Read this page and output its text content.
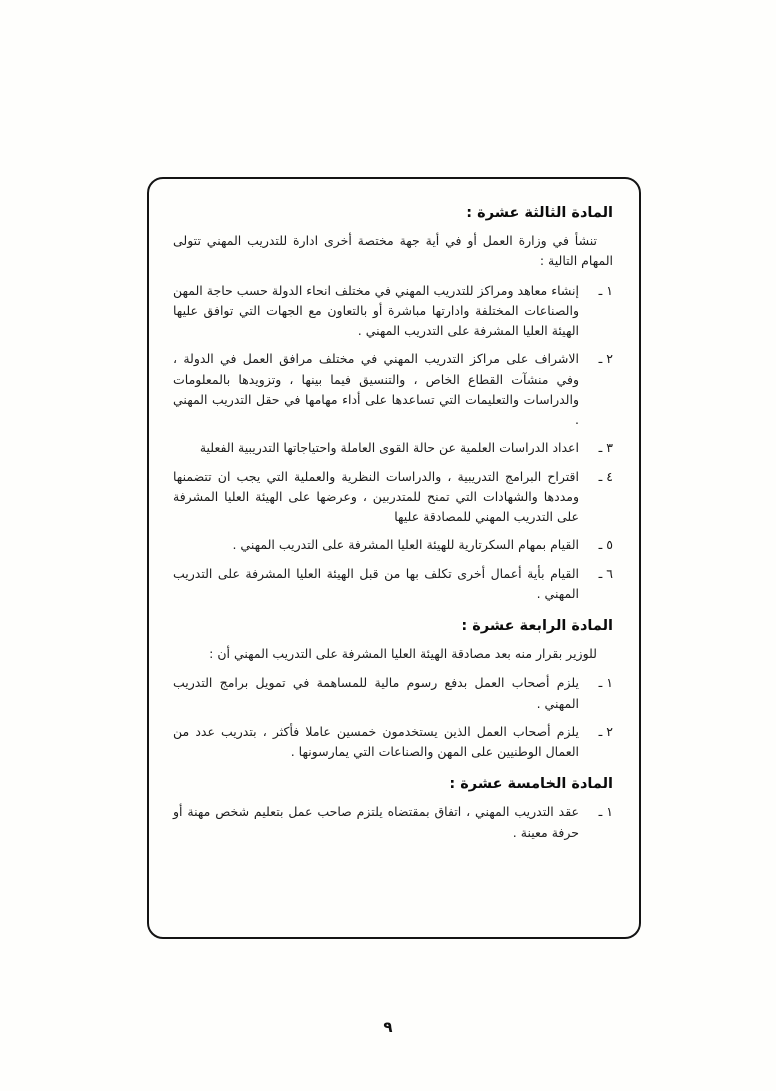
المادة الثالثة عشرة :

تنشأ في وزارة العمل أو في أية جهة مختصة أخرى ادارة للتدريب المهني تتولى المهام التالية :

١ ـ
إنشاء معاهد ومراكز للتدريب المهني في مختلف انحاء الدولة حسب حاجة المهن والصناعات المختلفة وادارتها مباشرة أو بالتعاون مع الجهات التي توافق عليها الهيئة العليا المشرفة على التدريب المهني .
٢ ـ
الاشراف على مراكز التدريب المهني في مختلف مرافق العمل في الدولة ، وفي منشآت القطاع الخاص ، والتنسيق فيما بينها ، وتزويدها بالمعلومات والدراسات والتعليمات التي تساعدها على أداء مهامها في حقل التدريب المهني .
٣ ـ
اعداد الدراسات العلمية عن حالة القوى العاملة واحتياجاتها التدريبية الفعلية
٤ ـ
اقتراح البرامج التدريبية ، والدراسات النظرية والعملية التي يجب ان تتضمنها ومددها والشهادات التي تمنح للمتدربين ، وعرضها على الهيئة العليا المشرفة على التدريب المهني للمصادقة عليها
٥ ـ
القيام بمهام السكرتارية للهيئة العليا المشرفة على التدريب المهني .
٦ ـ
القيام بأية أعمال أخرى تكلف بها من قبل الهيئة العليا المشرفة على التدريب المهني .
المادة الرابعة عشرة :

للوزير بقرار منه بعد مصادقة الهيئة العليا المشرفة على التدريب المهني أن :

١ ـ
يلزم أصحاب العمل بدفع رسوم مالية للمساهمة في تمويل برامج التدريب المهني .
٢ ـ
يلزم أصحاب العمل الذين يستخدمون خمسين عاملا فأكثر ، بتدريب عدد من العمال الوطنيين على المهن والصناعات التي يمارسونها .
المادة الخامسة عشرة :
١ ـ
عقد التدريب المهني ، اتفاق بمقتضاه يلتزم صاحب عمل بتعليم شخص مهنة أو حرفة معينة .
٩
